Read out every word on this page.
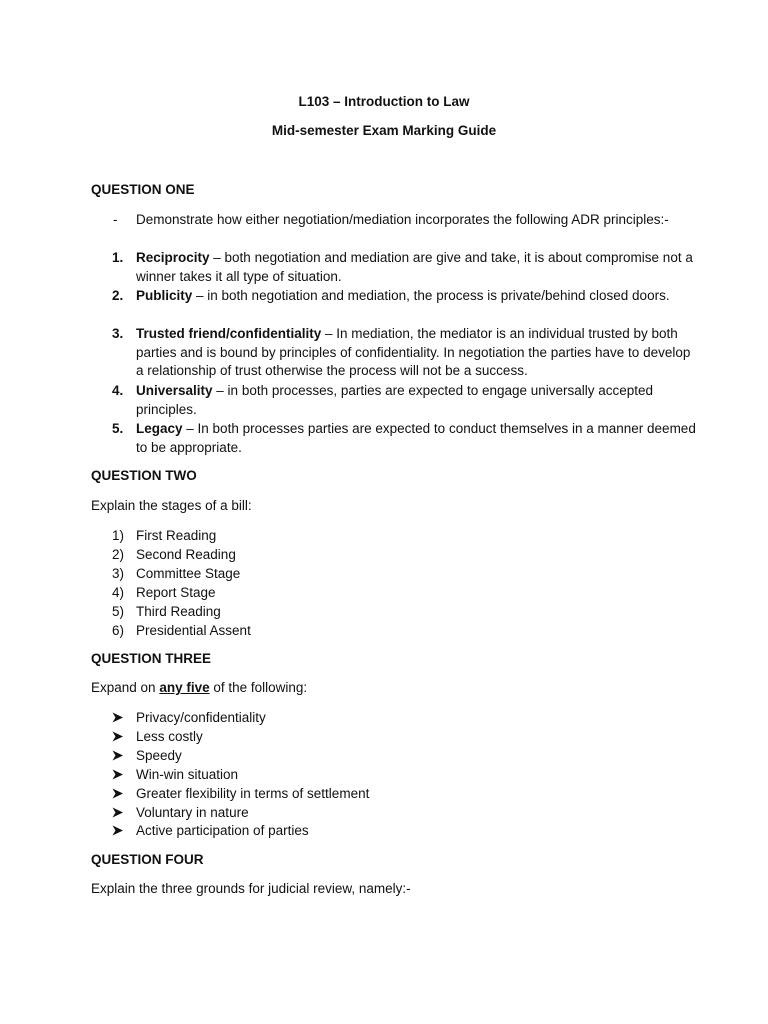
L103 – Introduction to Law
Mid-semester Exam Marking Guide
QUESTION ONE
-	Demonstrate how either negotiation/mediation incorporates the following ADR principles:-
1. Reciprocity – both negotiation and mediation are give and take, it is about compromise not a winner takes it all type of situation.
2. Publicity – in both negotiation and mediation, the process is private/behind closed doors.
3. Trusted friend/confidentiality – In mediation, the mediator is an individual trusted by both parties and is bound by principles of confidentiality. In negotiation the parties have to develop a relationship of trust otherwise the process will not be a success.
4. Universality – in both processes, parties are expected to engage universally accepted principles.
5. Legacy – In both processes parties are expected to conduct themselves in a manner deemed to be appropriate.
QUESTION TWO
Explain the stages of a bill:
1) First Reading
2) Second Reading
3) Committee Stage
4) Report Stage
5) Third Reading
6) Presidential Assent
QUESTION THREE
Expand on any five of the following:
Privacy/confidentiality
Less costly
Speedy
Win-win situation
Greater flexibility in terms of settlement
Voluntary in nature
Active participation of parties
QUESTION FOUR
Explain the three grounds for judicial review, namely:-
